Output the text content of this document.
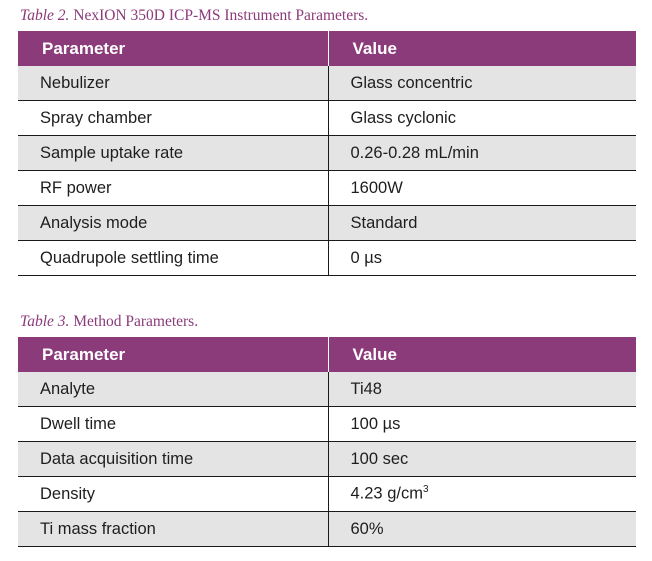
Table 2. NexION 350D ICP-MS Instrument Parameters.
Parameter	Value
Nebulizer	Glass concentric
Spray chamber	Glass cyclonic
Sample uptake rate	0.26-0.28 mL/min
RF power	1600W
Analysis mode	Standard
Quadrupole settling time	0 µs
Table 3. Method Parameters.
Parameter	Value
Analyte	Ti48
Dwell time	100 µs
Data acquisition time	100 sec
Density	4.23 $g/cm^3$
Ti mass fraction	60%
